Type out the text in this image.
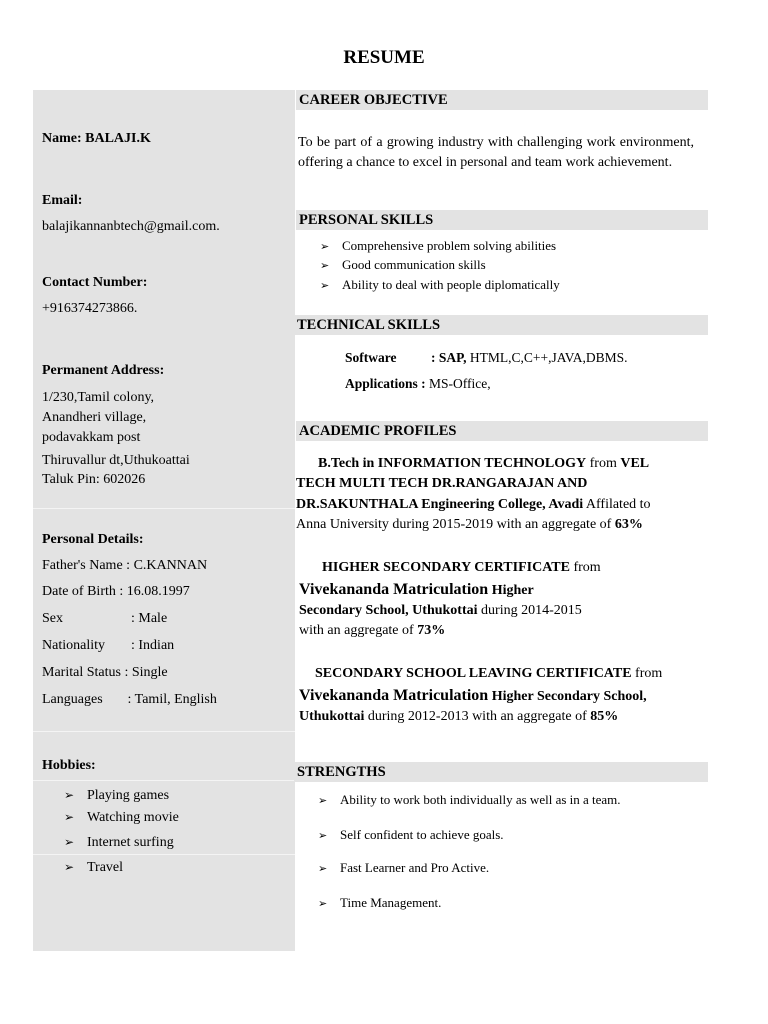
RESUME
Name: BALAJI.K
Email:
balajikannanbtech@gmail.com.
Contact Number:
+916374273866.
Permanent Address:
1/230,Tamil colony,
Anandheri village,
podavakkam post
Thiruvallur dt,Uthukoattai
Taluk Pin: 602026
Personal Details:
Father's Name : C.KANNAN
Date of Birth : 16.08.1997
Sex	: Male
Nationality : Indian
Marital Status : Single
Languages : Tamil, English
Hobbies:
➢ Playing games
➢ Watching movie
➢ Internet surfing
➢ Travel
CAREER OBJECTIVE
To be part of a growing industry with challenging work environment, offering a chance to excel in personal and team work achievement.
PERSONAL SKILLS
➢ Comprehensive problem solving abilities
➢ Good communication skills
➢ Ability to deal with people diplomatically
TECHNICAL SKILLS
Software	: SAP, HTML,C,C++,JAVA,DBMS.
Applications : MS-Office,
ACADEMIC PROFILES
B.Tech in INFORMATION TECHNOLOGY from VEL
TECH MULTI TECH DR.RANGARAJAN AND
DR.SAKUNTHALA Engineering College, Avadi Affilated to
Anna University during 2015-2019 with an aggregate of 63%
HIGHER SECONDARY CERTIFICATE from
Vivekananda Matriculation Higher
Secondary School, Uthukottai during 2014-2015
with an aggregate of 73%
SECONDARY SCHOOL LEAVING CERTIFICATE from
Vivekananda Matriculation Higher Secondary School,
Uthukottai during 2012-2013 with an aggregate of 85%
STRENGTHS
➢ Ability to work both individually as well as in a team.
➢ Self confident to achieve goals.
➢ Fast Learner and Pro Active.
➢ Time Management.
